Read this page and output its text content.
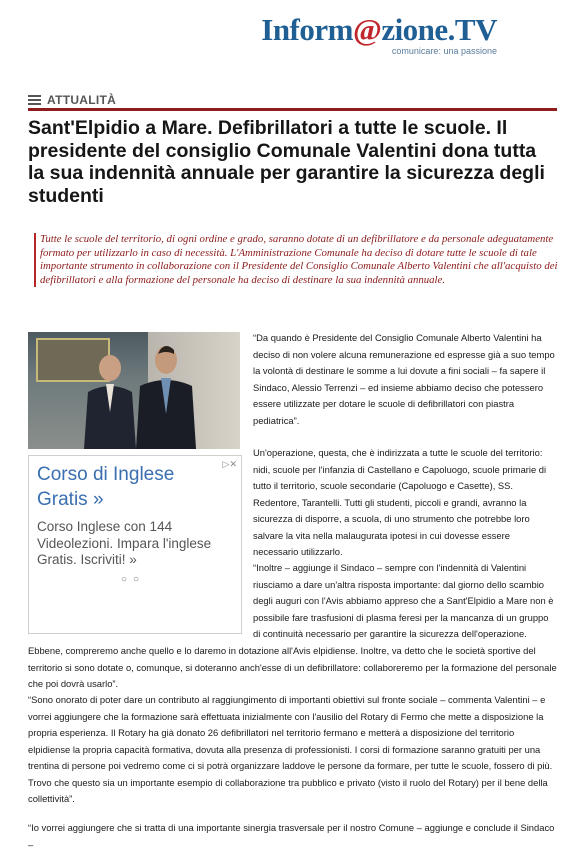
Inform@zione.TV
comunicare: una passione
ATTUALITÀ
Sant'Elpidio a Mare. Defibrillatori a tutte le scuole. Il presidente del consiglio Comunale Valentini dona tutta la sua indennità annuale per garantire la sicurezza degli studenti
Tutte le scuole del territorio, di ogni ordine e grado, saranno dotate di un defibrillatore e da personale adeguatamente formato per utilizzarlo in caso di necessità. L'Amministrazione Comunale ha deciso di dotare tutte le scuole di tale importante strumento in collaborazione con il Presidente del Consiglio Comunale Alberto Valentini che all'acquisto dei defibrillatori e alla formazione del personale ha deciso di destinare la sua indennità annuale.
▷✕
Corso di Inglese Gratis »
Corso Inglese con 144 Videolezioni. Impara l'inglese Gratis. Iscriviti! »
○○

“Da quando è Presidente del Consiglio Comunale Alberto Valentini ha deciso di non volere alcuna remunerazione ed espresse già a suo tempo la volontà di destinare le somme a lui dovute a fini sociali – fa sapere il Sindaco, Alessio Terrenzi – ed insieme abbiamo deciso che potessero essere utilizzate per dotare le scuole di defibrillatori con piastra pediatrica”.

Un'operazione, questa, che è indirizzata a tutte le scuole del territorio: nidi, scuole per l'infanzia di Castellano e Capoluogo, scuole primarie di tutto il territorio, scuole secondarie (Capoluogo e Casette), SS. Redentore, Tarantelli. Tutti gli studenti, piccoli e grandi, avranno la sicurezza di disporre, a scuola, di uno strumento che potrebbe loro salvare la vita nella malaugurata ipotesi in cui dovesse essere necessario utilizzarlo.

“Inoltre – aggiunge il Sindaco – sempre con l'indennità di Valentini riusciamo a dare un'altra risposta importante: dal giorno dello scambio degli auguri con l'Avis abbiamo appreso che a Sant'Elpidio a Mare non è possibile fare trasfusioni di plasma feresi per la mancanza di un gruppo di continuità necessario per garantire la sicurezza dell'operazione.

Ebbene, compreremo anche quello e lo daremo in dotazione all'Avis elpidiense. Inoltre, va detto che le società sportive del territorio si sono dotate o, comunque, si doteranno anch'esse di un defibrillatore: collaboreremo per la formazione del personale che poi dovrà usarlo”.

“Sono onorato di poter dare un contributo al raggiungimento di importanti obiettivi sul fronte sociale – commenta Valentini – e vorrei aggiungere che la formazione sarà effettuata inizialmente con l'ausilio del Rotary di Fermo che mette a disposizione la propria esperienza. Il Rotary ha già donato 26 defibrillatori nel territorio fermano e metterà a disposizione del territorio elpidiense la propria capacità formativa, dovuta alla presenza di professionisti. I corsi di formazione saranno gratuiti per una trentina di persone poi vedremo come ci si potrà organizzare laddove le persone da formare, per tutte le scuole, fossero di più. Trovo che questo sia un importante esempio di collaborazione tra pubblico e privato (visto il ruolo del Rotary) per il bene della collettività”.

“Io vorrei aggiungere che si tratta di una importante sinergia trasversale per il nostro Comune – aggiunge e conclude il Sindaco –
